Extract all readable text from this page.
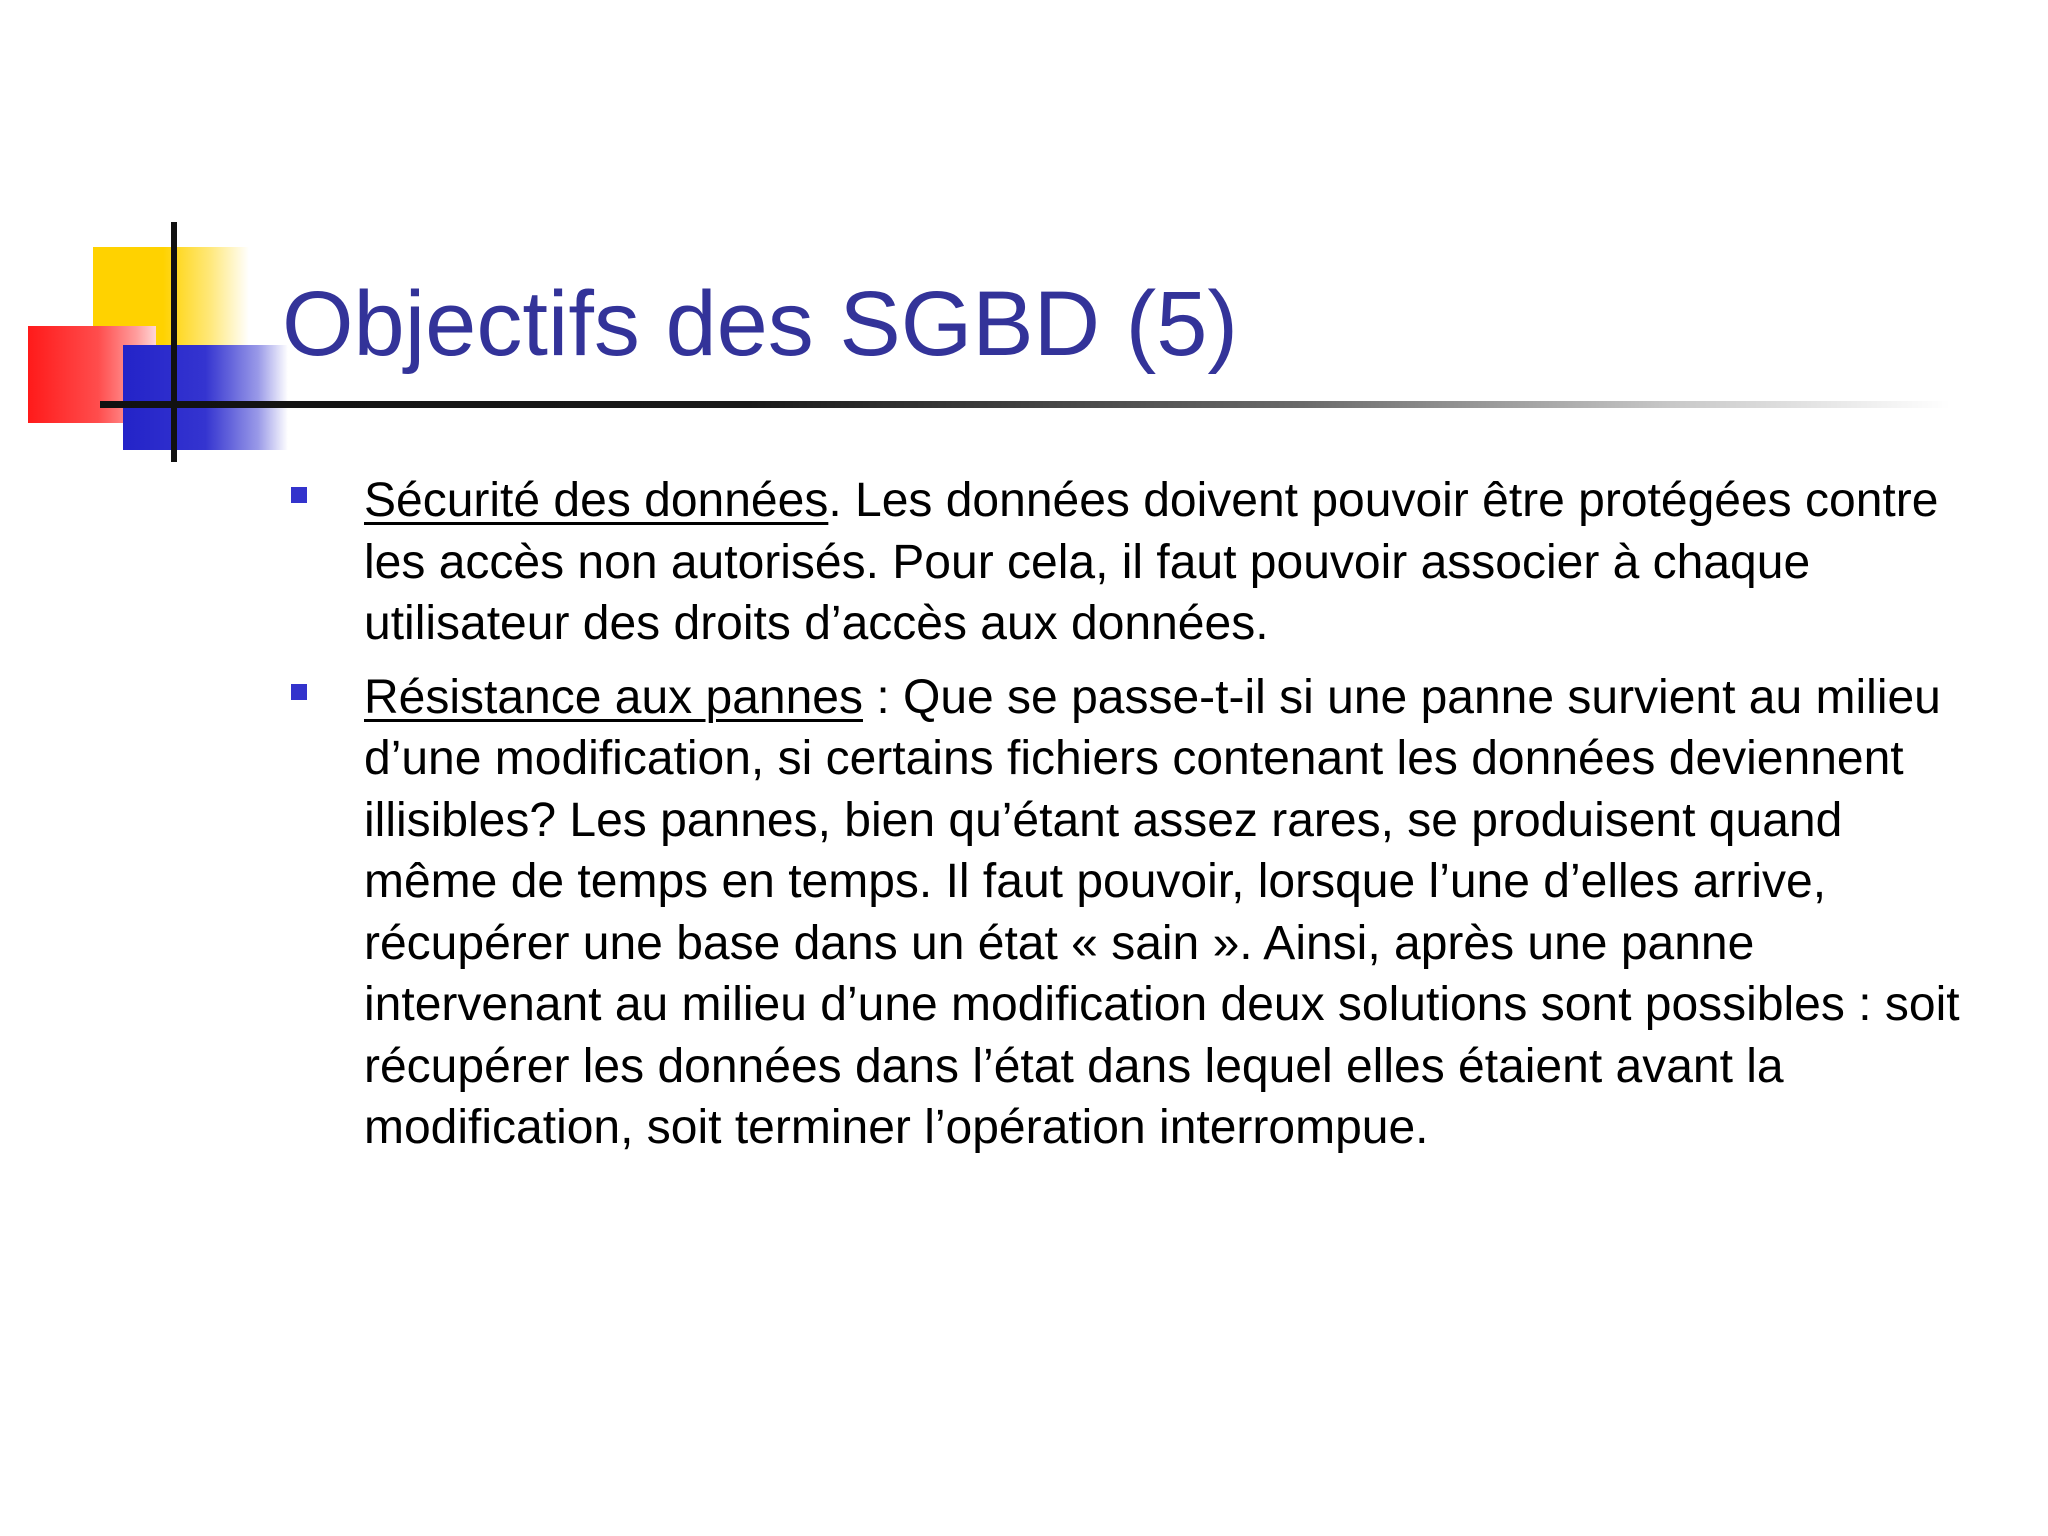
Objectifs des SGBD (5)
Sécurité des données. Les données doivent pouvoir être protégées contre les accès non autorisés. Pour cela, il faut pouvoir associer à chaque utilisateur des droits d’accès aux données.
Résistance aux pannes : Que se passe-t-il si une panne survient au milieu d’une modification, si certains fichiers contenant les données deviennent illisibles? Les pannes, bien qu’étant assez rares, se produisent quand même de temps en temps. Il faut pouvoir, lorsque l’une d’elles arrive, récupérer une base dans un état « sain ». Ainsi, après une panne intervenant au milieu d’une modification deux solutions sont possibles : soit récupérer les données dans l’état dans lequel elles étaient avant la modification, soit terminer l’opération interrompue.
